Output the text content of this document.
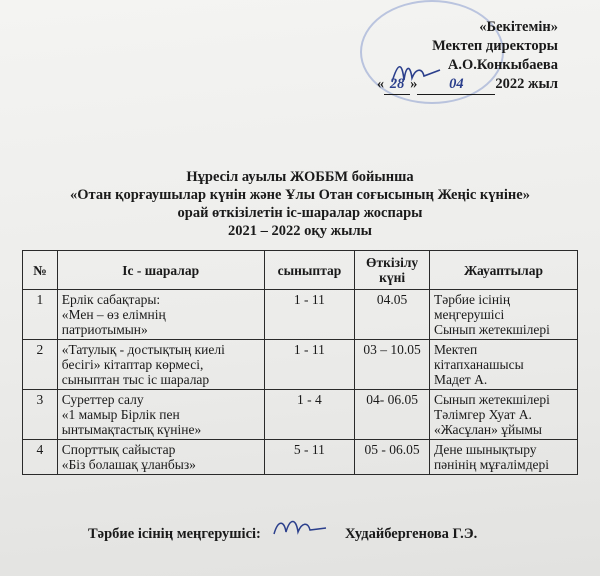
«Бекітемін»
Мектеп директоры
А.О.Конкыбаева
« 28 » 04 2022 жыл
Нұресіл ауылы ЖОББМ бойынша
«Отан қорғаушылар күнін және Ұлы Отан соғысының Жеңіс күніне»
орай өткізілетін іс-шаралар жоспары
2021 – 2022 оқу жылы
№	Іс - шаралар	сыныптар	Өткізілу күні	Жауаптылар
1	Ерлік сабақтары:
«Мен – өз елімнің
патриотымын»	1 - 11	04.05	Тәрбие ісінің
меңгерушісі
Сынып жетекшілері

2	«Татулық - достықтың киелі
бесігі» кітаптар көрмесі,
сыныптан тыс іс шаралар	1 - 11	03 – 10.05	Мектеп
кітапханашысы
Мадет А.

3	Суреттер салу
«1 мамыр Бірлік пен
ынтымақтастық күніне»	1 - 4	04- 06.05	Сынып жетекшілері
Тәлімгер Хуат А.
«Жасұлан» ұйымы

4	Спорттық сайыстар
«Біз болашақ ұланбыз»	5 - 11	05 - 06.05	Дене шынықтыру
пәнінің мұғалімдері
Тәрбие ісінің меңгерушісі:	Худайбергенова Г.Э.
